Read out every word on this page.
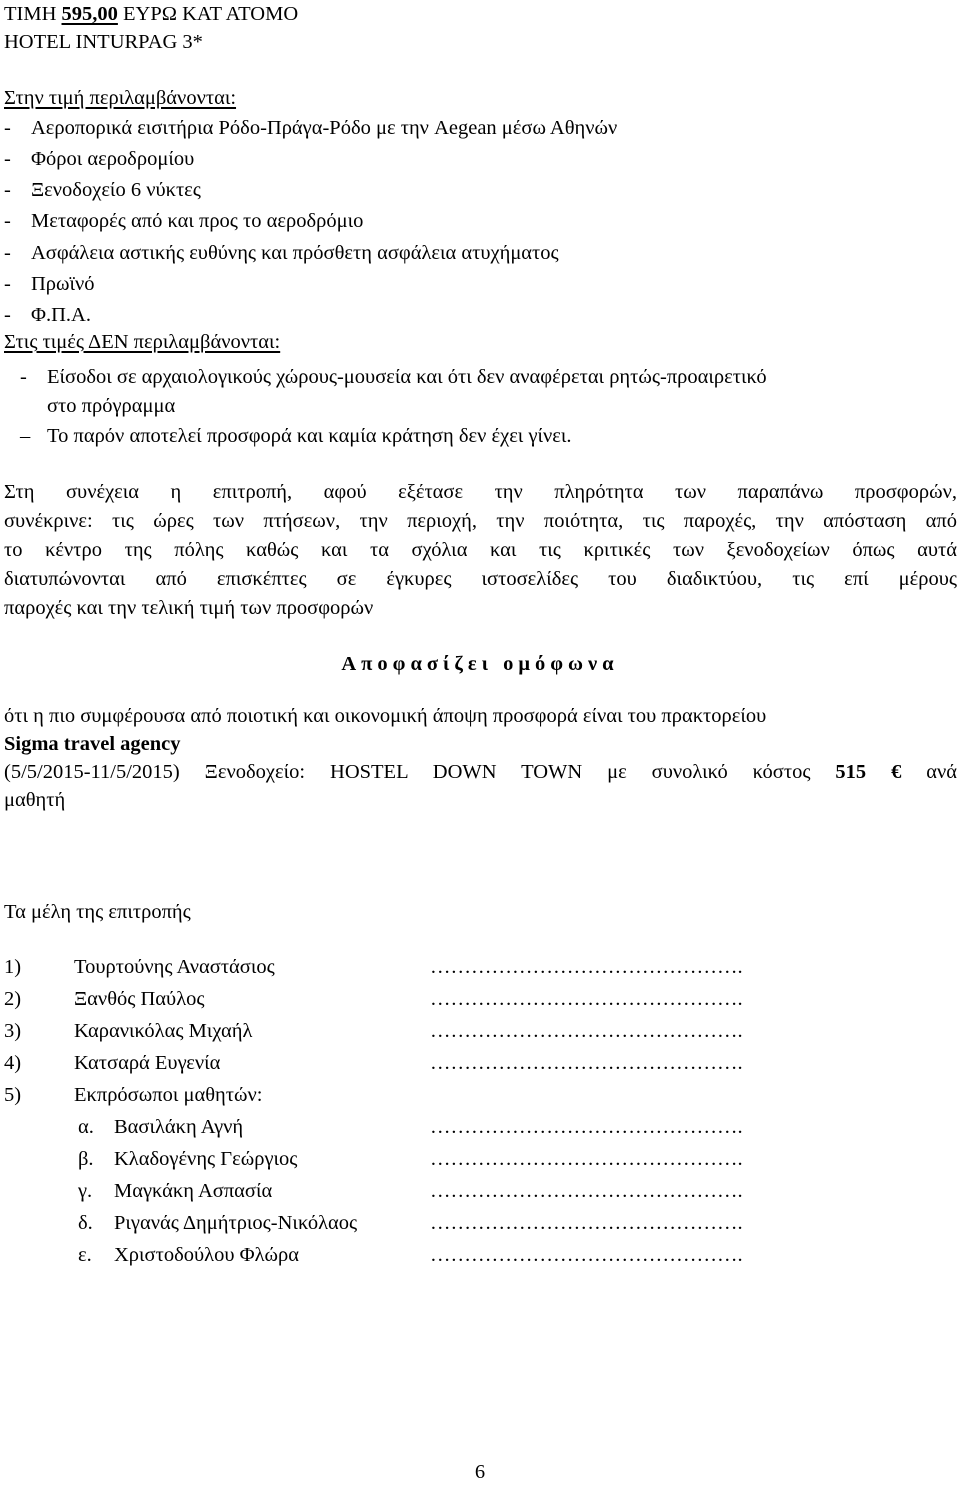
ΤΙΜΗ 595,00 ΕΥΡΩ ΚΑΤ ΑΤΟΜΟ
HOTEL INTURPAG 3*
Στην τιμή περιλαμβάνονται:
- Αεροπορικά εισιτήρια Ρόδο-Πράγα-Ρόδο με την Aegean μέσω Αθηνών
- Φόροι αεροδρομίου
- Ξενοδοχείο 6 νύκτες
- Μεταφορές από και προς το αεροδρόμιο
- Ασφάλεια αστικής ευθύνης και πρόσθετη ασφάλεια ατυχήματος
- Πρωϊνό
- Φ.Π.Α.
Στις τιμές ΔΕΝ περιλαμβάνονται:
- Είσοδοι σε αρχαιολογικούς χώρους-μουσεία και ότι δεν αναφέρεται ρητώς-προαιρετικό
στο πρόγραμμα
– Το παρόν αποτελεί προσφορά και καμία κράτηση δεν έχει γίνει.
Στη συνέχεια η επιτροπή, αφού εξέτασε την πληρότητα των παραπάνω προσφορών,
συνέκρινε: τις ώρες των πτήσεων, την περιοχή, την ποιότητα, τις παροχές, την απόσταση από
το κέντρο της πόλης καθώς και τα σχόλια και τις κριτικές των ξενοδοχείων όπως αυτά
διατυπώνονται από επισκέπτες σε έγκυρες ιστοσελίδες του διαδικτύου, τις επί μέρους
παροχές και την τελική τιμή των προσφορών
Αποφασίζει ομόφωνα
ότι η πιο συμφέρουσα από ποιοτική και οικονομική άποψη προσφορά είναι του πρακτορείου
Sigma travel agency
(5/5/2015-11/5/2015) Ξενοδοχείο: HOSTEL DOWN TOWN με συνολικό κόστος 515 € ανά
μαθητή
Τα μέλη της επιτροπής
1)	Τουρτούνης Αναστάσιος	……………………………………….
2)	Ξανθός Παύλος	……………………………………….
3)	Καρανικόλας Μιχαήλ	……………………………………….
4)	Κατσαρά Ευγενία	……………………………………….
5)	Εκπρόσωποι μαθητών:
α. Βασιλάκη Αγνή	……………………………………….
β. Κλαδογένης Γεώργιος	……………………………………….
γ. Μαγκάκη Ασπασία	……………………………………….
δ. Ριγανάς Δημήτριος-Νικόλαος	……………………………………….
ε. Χριστοδούλου Φλώρα	……………………………………….
6
